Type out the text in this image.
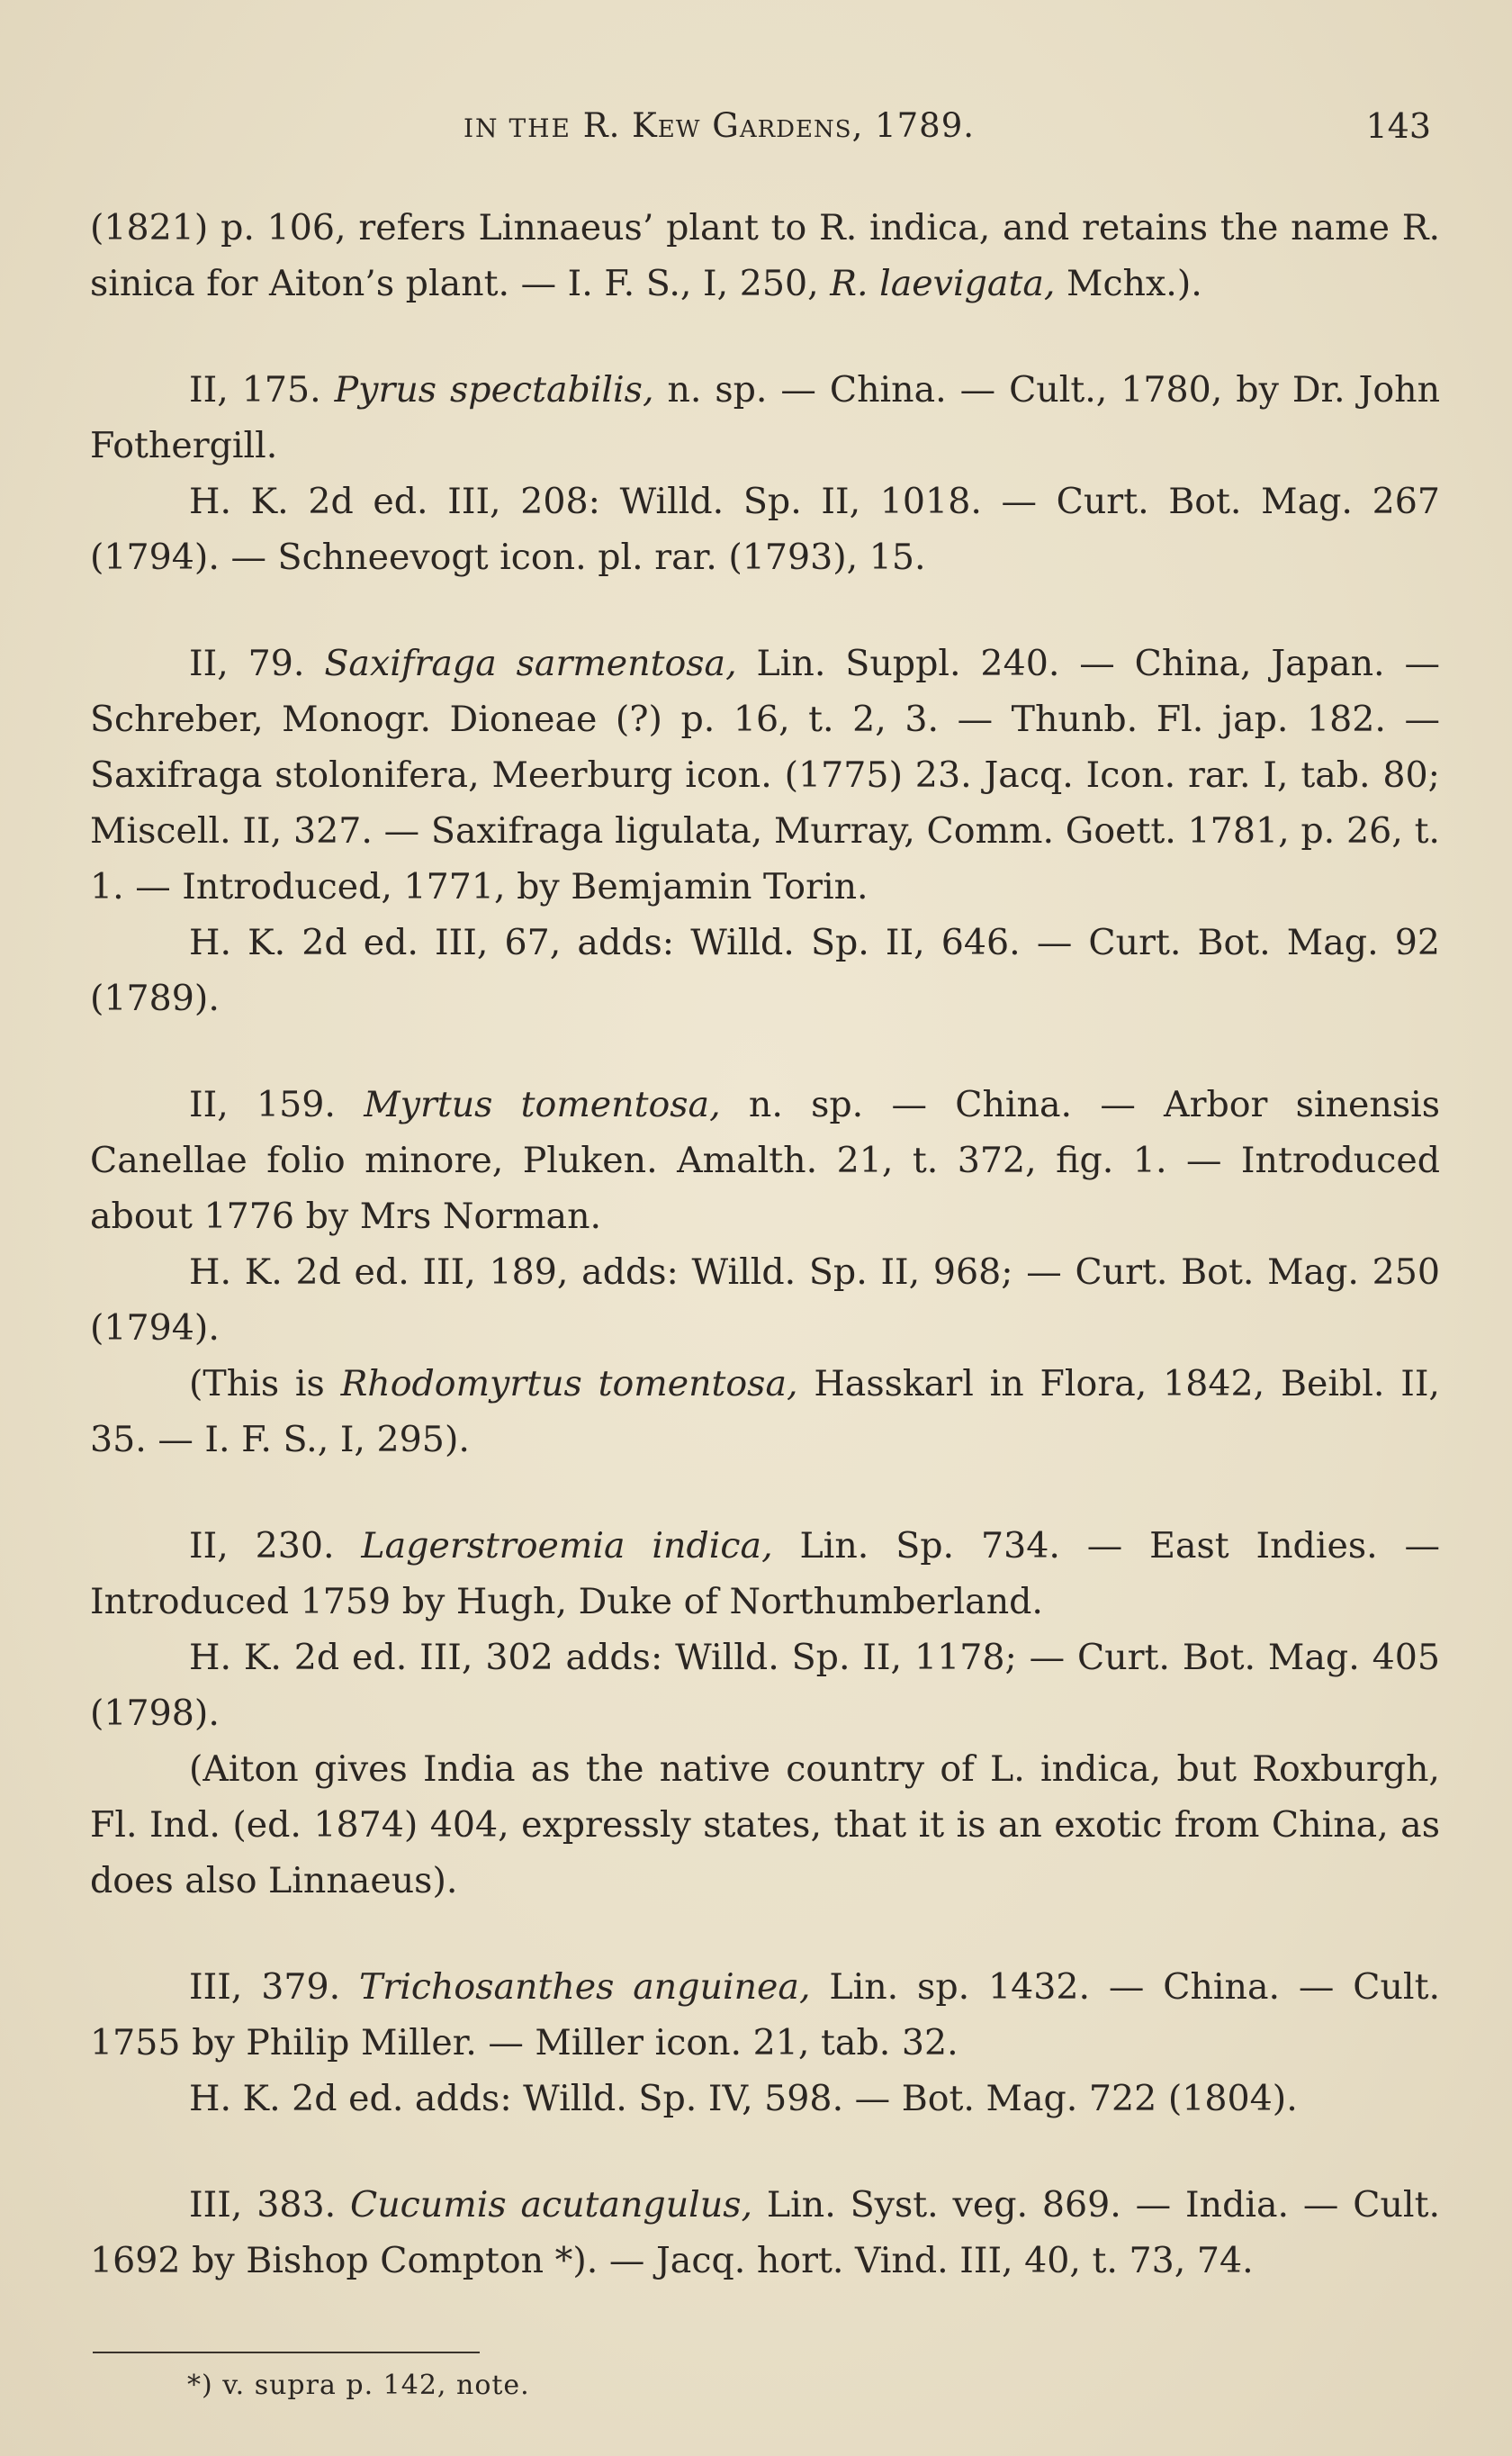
IN THE R. Kew Gardens, 1789.	143

(1821) p. 106, refers Linnaeus’ plant to R. indica, and retains the name R. sinica for Aiton’s plant. — I. F. S., I, 250, R. laevigata, Mchx.).

II, 175. Pyrus spectabilis, n. sp. — China. — Cult., 1780, by Dr. John Fothergill.

H. K. 2d ed. III, 208: Willd. Sp. II, 1018. — Curt. Bot. Mag. 267 (1794). — Schneevogt icon. pl. rar. (1793), 15.

II, 79. Saxifraga sarmentosa, Lin. Suppl. 240. — China, Japan. — Schreber, Monogr. Dioneae (?) p. 16, t. 2, 3. — Thunb. Fl. jap. 182. — Saxifraga stolonifera, Meerburg icon. (1775) 23. Jacq. Icon. rar. I, tab. 80; Miscell. II, 327. — Saxifraga ligulata, Murray, Comm. Goett. 1781, p. 26, t. 1. — Introduced, 1771, by Bemjamin Torin.

H. K. 2d ed. III, 67, adds: Willd. Sp. II, 646. — Curt. Bot. Mag. 92 (1789).

II, 159. Myrtus tomentosa, n. sp. — China. — Arbor sinensis Canellae folio minore, Pluken. Amalth. 21, t. 372, fig. 1. — Introduced about 1776 by Mrs Norman.

H. K. 2d ed. III, 189, adds: Willd. Sp. II, 968; — Curt. Bot. Mag. 250 (1794).

(This is Rhodomyrtus tomentosa, Hasskarl in Flora, 1842, Beibl. II, 35. — I. F. S., I, 295).

II, 230. Lagerstroemia indica, Lin. Sp. 734. — East Indies. — Introduced 1759 by Hugh, Duke of Northumberland.

H. K. 2d ed. III, 302 adds: Willd. Sp. II, 1178; — Curt. Bot. Mag. 405 (1798).

(Aiton gives India as the native country of L. indica, but Roxburgh, Fl. Ind. (ed. 1874) 404, expressly states, that it is an exotic from China, as does also Linnaeus).

III, 379. Trichosanthes anguinea, Lin. sp. 1432. — China. — Cult. 1755 by Philip Miller. — Miller icon. 21, tab. 32.

H. K. 2d ed. adds: Willd. Sp. IV, 598. — Bot. Mag. 722 (1804).

III, 383. Cucumis acutangulus, Lin. Syst. veg. 869. — India. — Cult. 1692 by Bishop Compton *). — Jacq. hort. Vind. III, 40, t. 73, 74.

*) v. supra p. 142, note.
